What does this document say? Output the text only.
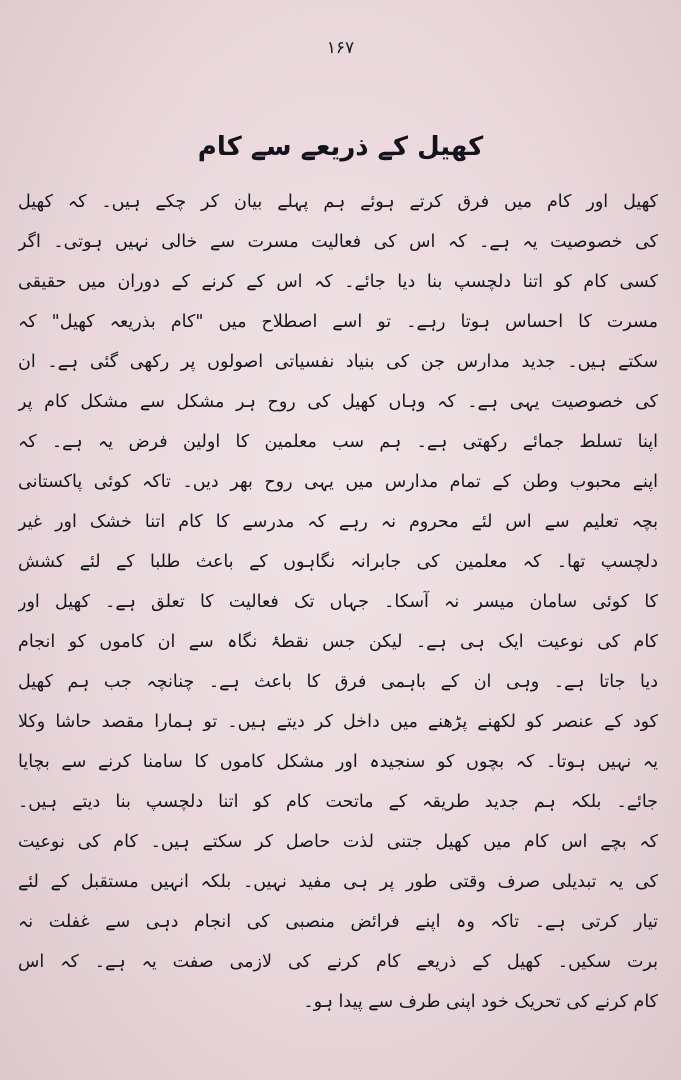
۱۶۷
کھیل کے ذریعے سے کام
کھیل اور کام میں فرق کرتے ہوئے ہم پہلے بیان کر چکے ہیں۔ کہ کھیل
کی خصوصیت یہ ہے۔ کہ اس کی فعالیت مسرت سے خالی نہیں ہوتی۔ اگر
کسی کام کو اتنا دلچسپ بنا دیا جائے۔ کہ اس کے کرنے کے دوران میں حقیقی
مسرت کا احساس ہوتا رہے۔ تو اسے اصطلاح میں "کام بذریعہ کھیل" کہ
سکتے ہیں۔ جدید مدارس جن کی بنیاد نفسیاتی اصولوں پر رکھی گئی ہے۔ ان
کی خصوصیت یہی ہے۔ کہ وہاں کھیل کی روح ہر مشکل سے مشکل کام پر
اپنا تسلط جمائے رکھتی ہے۔ ہم سب معلمین کا اولین فرض یہ ہے۔ کہ
اپنے محبوب وطن کے تمام مدارس میں یہی روح بھر دیں۔ تاکہ کوئی پاکستانی
بچہ تعلیم سے اس لئے محروم نہ رہے کہ مدرسے کا کام اتنا خشک اور غیر
دلچسپ تھا۔ کہ معلمین کی جابرانہ نگاہوں کے باعث طلبا کے لئے کشش
کا کوئی سامان میسر نہ آسکا۔ جہاں تک فعالیت کا تعلق ہے۔ کھیل اور
کام کی نوعیت ایک ہی ہے۔ لیکن جس نقطۂ نگاہ سے ان کاموں کو انجام
دیا جاتا ہے۔ وہی ان کے باہمی فرق کا باعث ہے۔ چنانچہ جب ہم کھیل
کود کے عنصر کو لکھنے پڑھنے میں داخل کر دیتے ہیں۔ تو ہمارا مقصد حاشا وکلا
یہ نہیں ہوتا۔ کہ بچوں کو سنجیدہ اور مشکل کاموں کا سامنا کرنے سے بچایا
جائے۔ بلکہ ہم جدید طریقہ کے ماتحت کام کو اتنا دلچسپ بنا دیتے ہیں۔
کہ بچے اس کام میں کھیل جتنی لذت حاصل کر سکتے ہیں۔ کام کی نوعیت
کی یہ تبدیلی صرف وقتی طور پر ہی مفید نہیں۔ بلکہ انہیں مستقبل کے لئے
تیار کرتی ہے۔ تاکہ وہ اپنے فرائض منصبی کی انجام دہی سے غفلت نہ
برت سکیں۔ کھیل کے ذریعے کام کرنے کی لازمی صفت یہ ہے۔ کہ اس
کام کرنے کی تحریک خود اپنی طرف سے پیدا ہو۔
